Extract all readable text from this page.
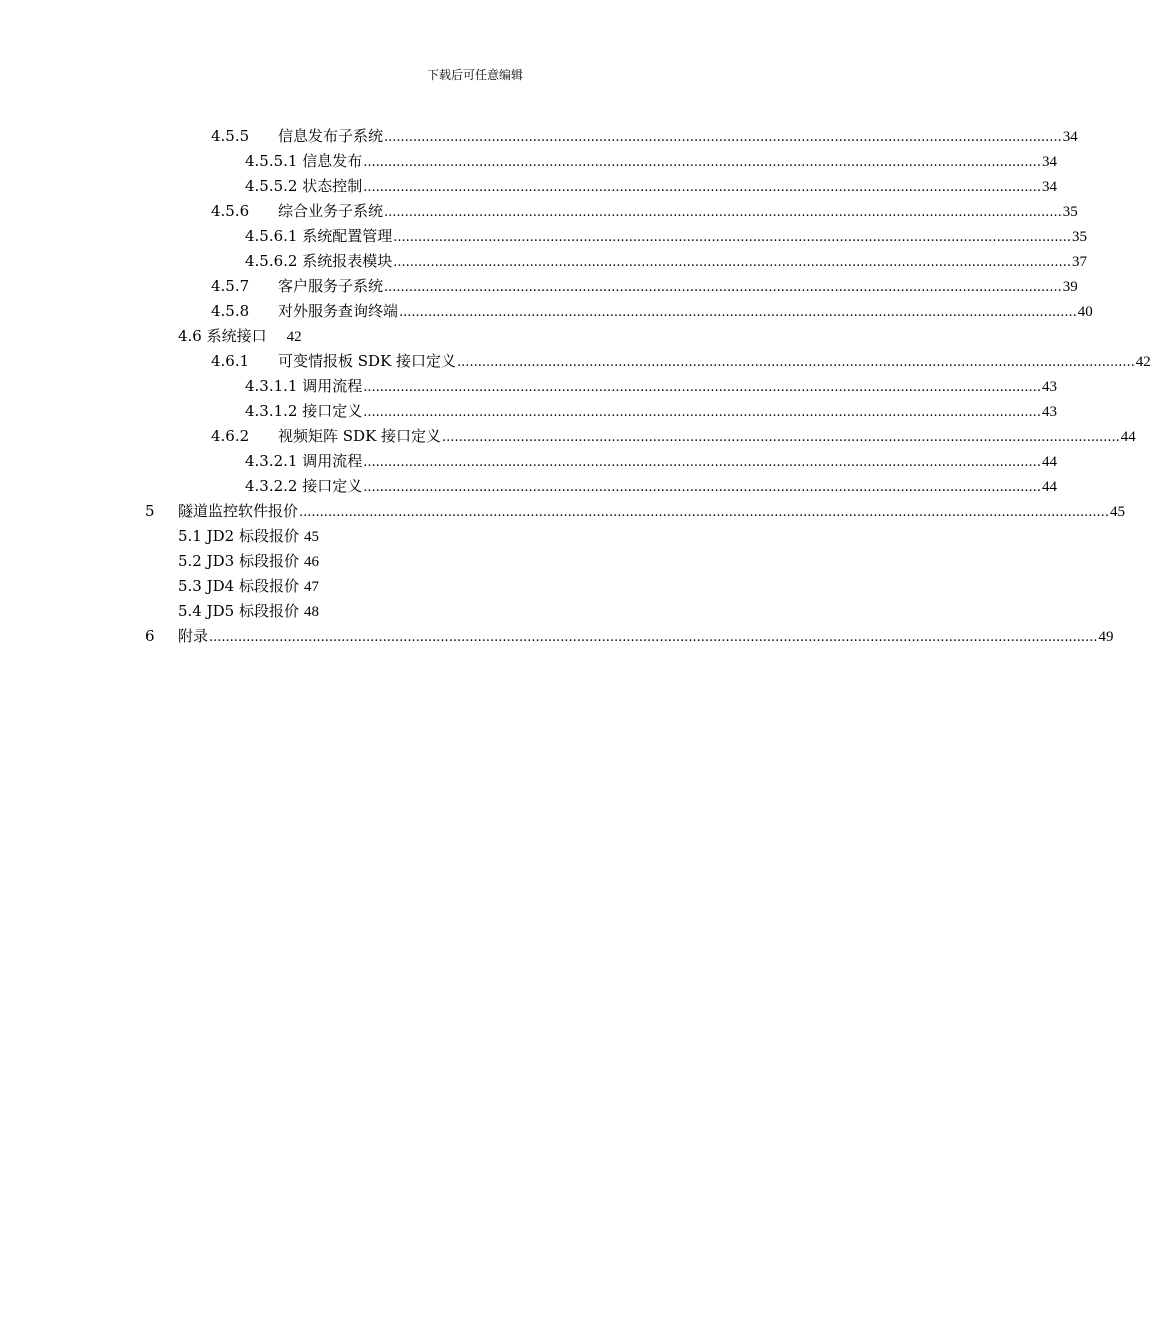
下载后可任意编辑
4.5.5 信息发布子系统 .................................................................................................................................................................... 34
4.5.5.1 信息发布 .................................................................................................................................................................... 34
4.5.5.2 状态控制 .................................................................................................................................................................... 34
4.5.6 综合业务子系统 .................................................................................................................................................................... 35
4.5.6.1 系统配置管理 .................................................................................................................................................................... 35
4.5.6.2 系统报表模块 .................................................................................................................................................................... 37
4.5.7 客户服务子系统 .................................................................................................................................................................... 39
4.5.8 对外服务查询终端 .................................................................................................................................................................... 40
4.6 系统接口 42
4.6.1 可变情报板 SDK 接口定义 .................................................................................................................................................................... 42
4.3.1.1 调用流程 .................................................................................................................................................................... 43
4.3.1.2 接口定义 .................................................................................................................................................................... 43
4.6.2 视频矩阵 SDK 接口定义 .................................................................................................................................................................... 44
4.3.2.1 调用流程 .................................................................................................................................................................... 44
4.3.2.2 接口定义 .................................................................................................................................................................... 44
5 隧道监控软件报价 .................................................................................................................................................................................................... 45
5.1 JD2 标段报价 45
5.2 JD3 标段报价 46
5.3 JD4 标段报价 47
5.4 JD5 标段报价 48
6 附录 ....................................................................................................................................................................................................................... 49
